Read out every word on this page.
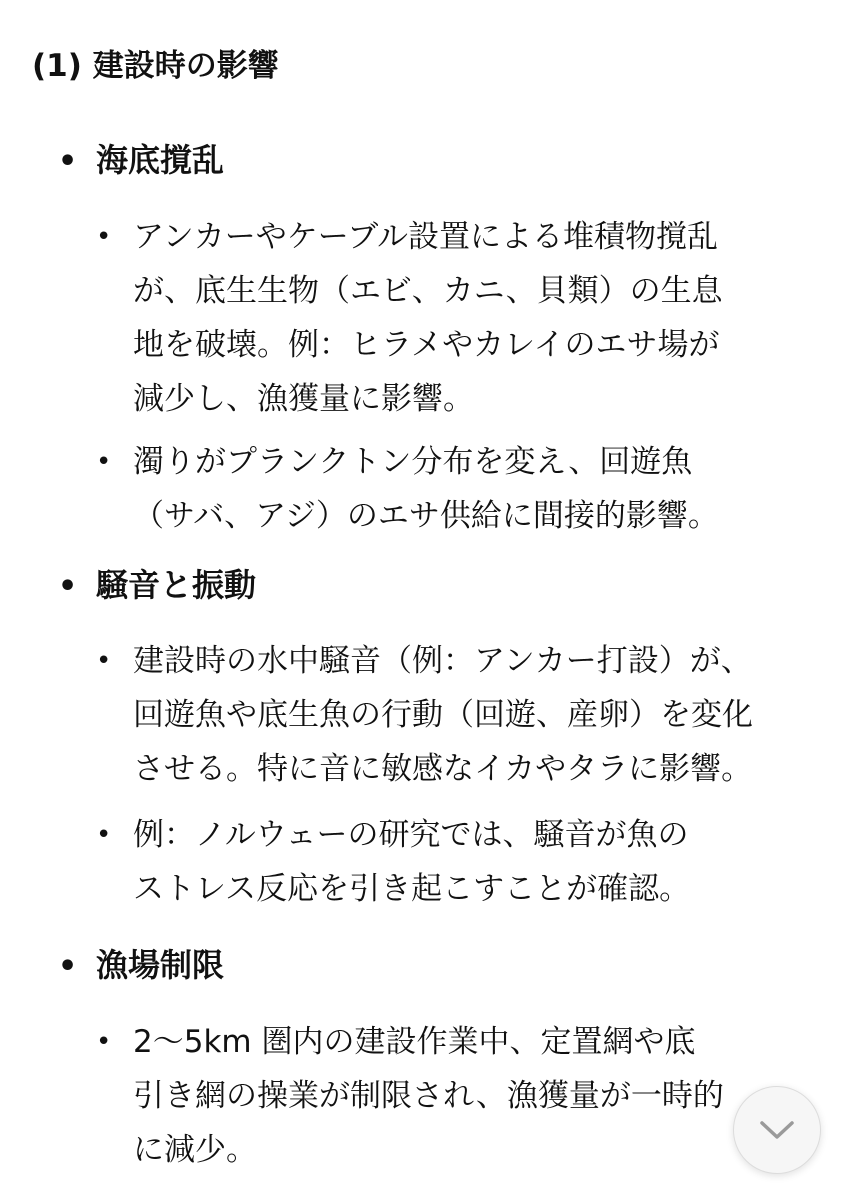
(1) 建設時の影響
• 海底撹乱
• アンカーやケーブル設置による堆積物撹乱
が、底生生物（エビ、カニ、貝類）の生息
地を破壊。例：ヒラメやカレイのエサ場が
減少し、漁獲量に影響。
• 濁りがプランクトン分布を変え、回遊魚
（サバ、アジ）のエサ供給に間接的影響。
• 騒音と振動
• 建設時の水中騒音（例：アンカー打設）が、
回遊魚や底生魚の行動（回遊、産卵）を変化
させる。特に音に敏感なイカやタラに影響。
• 例：ノルウェーの研究では、騒音が魚の
ストレス反応を引き起こすことが確認。
• 漁場制限
• 2～5km 圏内の建設作業中、定置網や底
引き網の操業が制限され、漁獲量が一時的
に減少。
